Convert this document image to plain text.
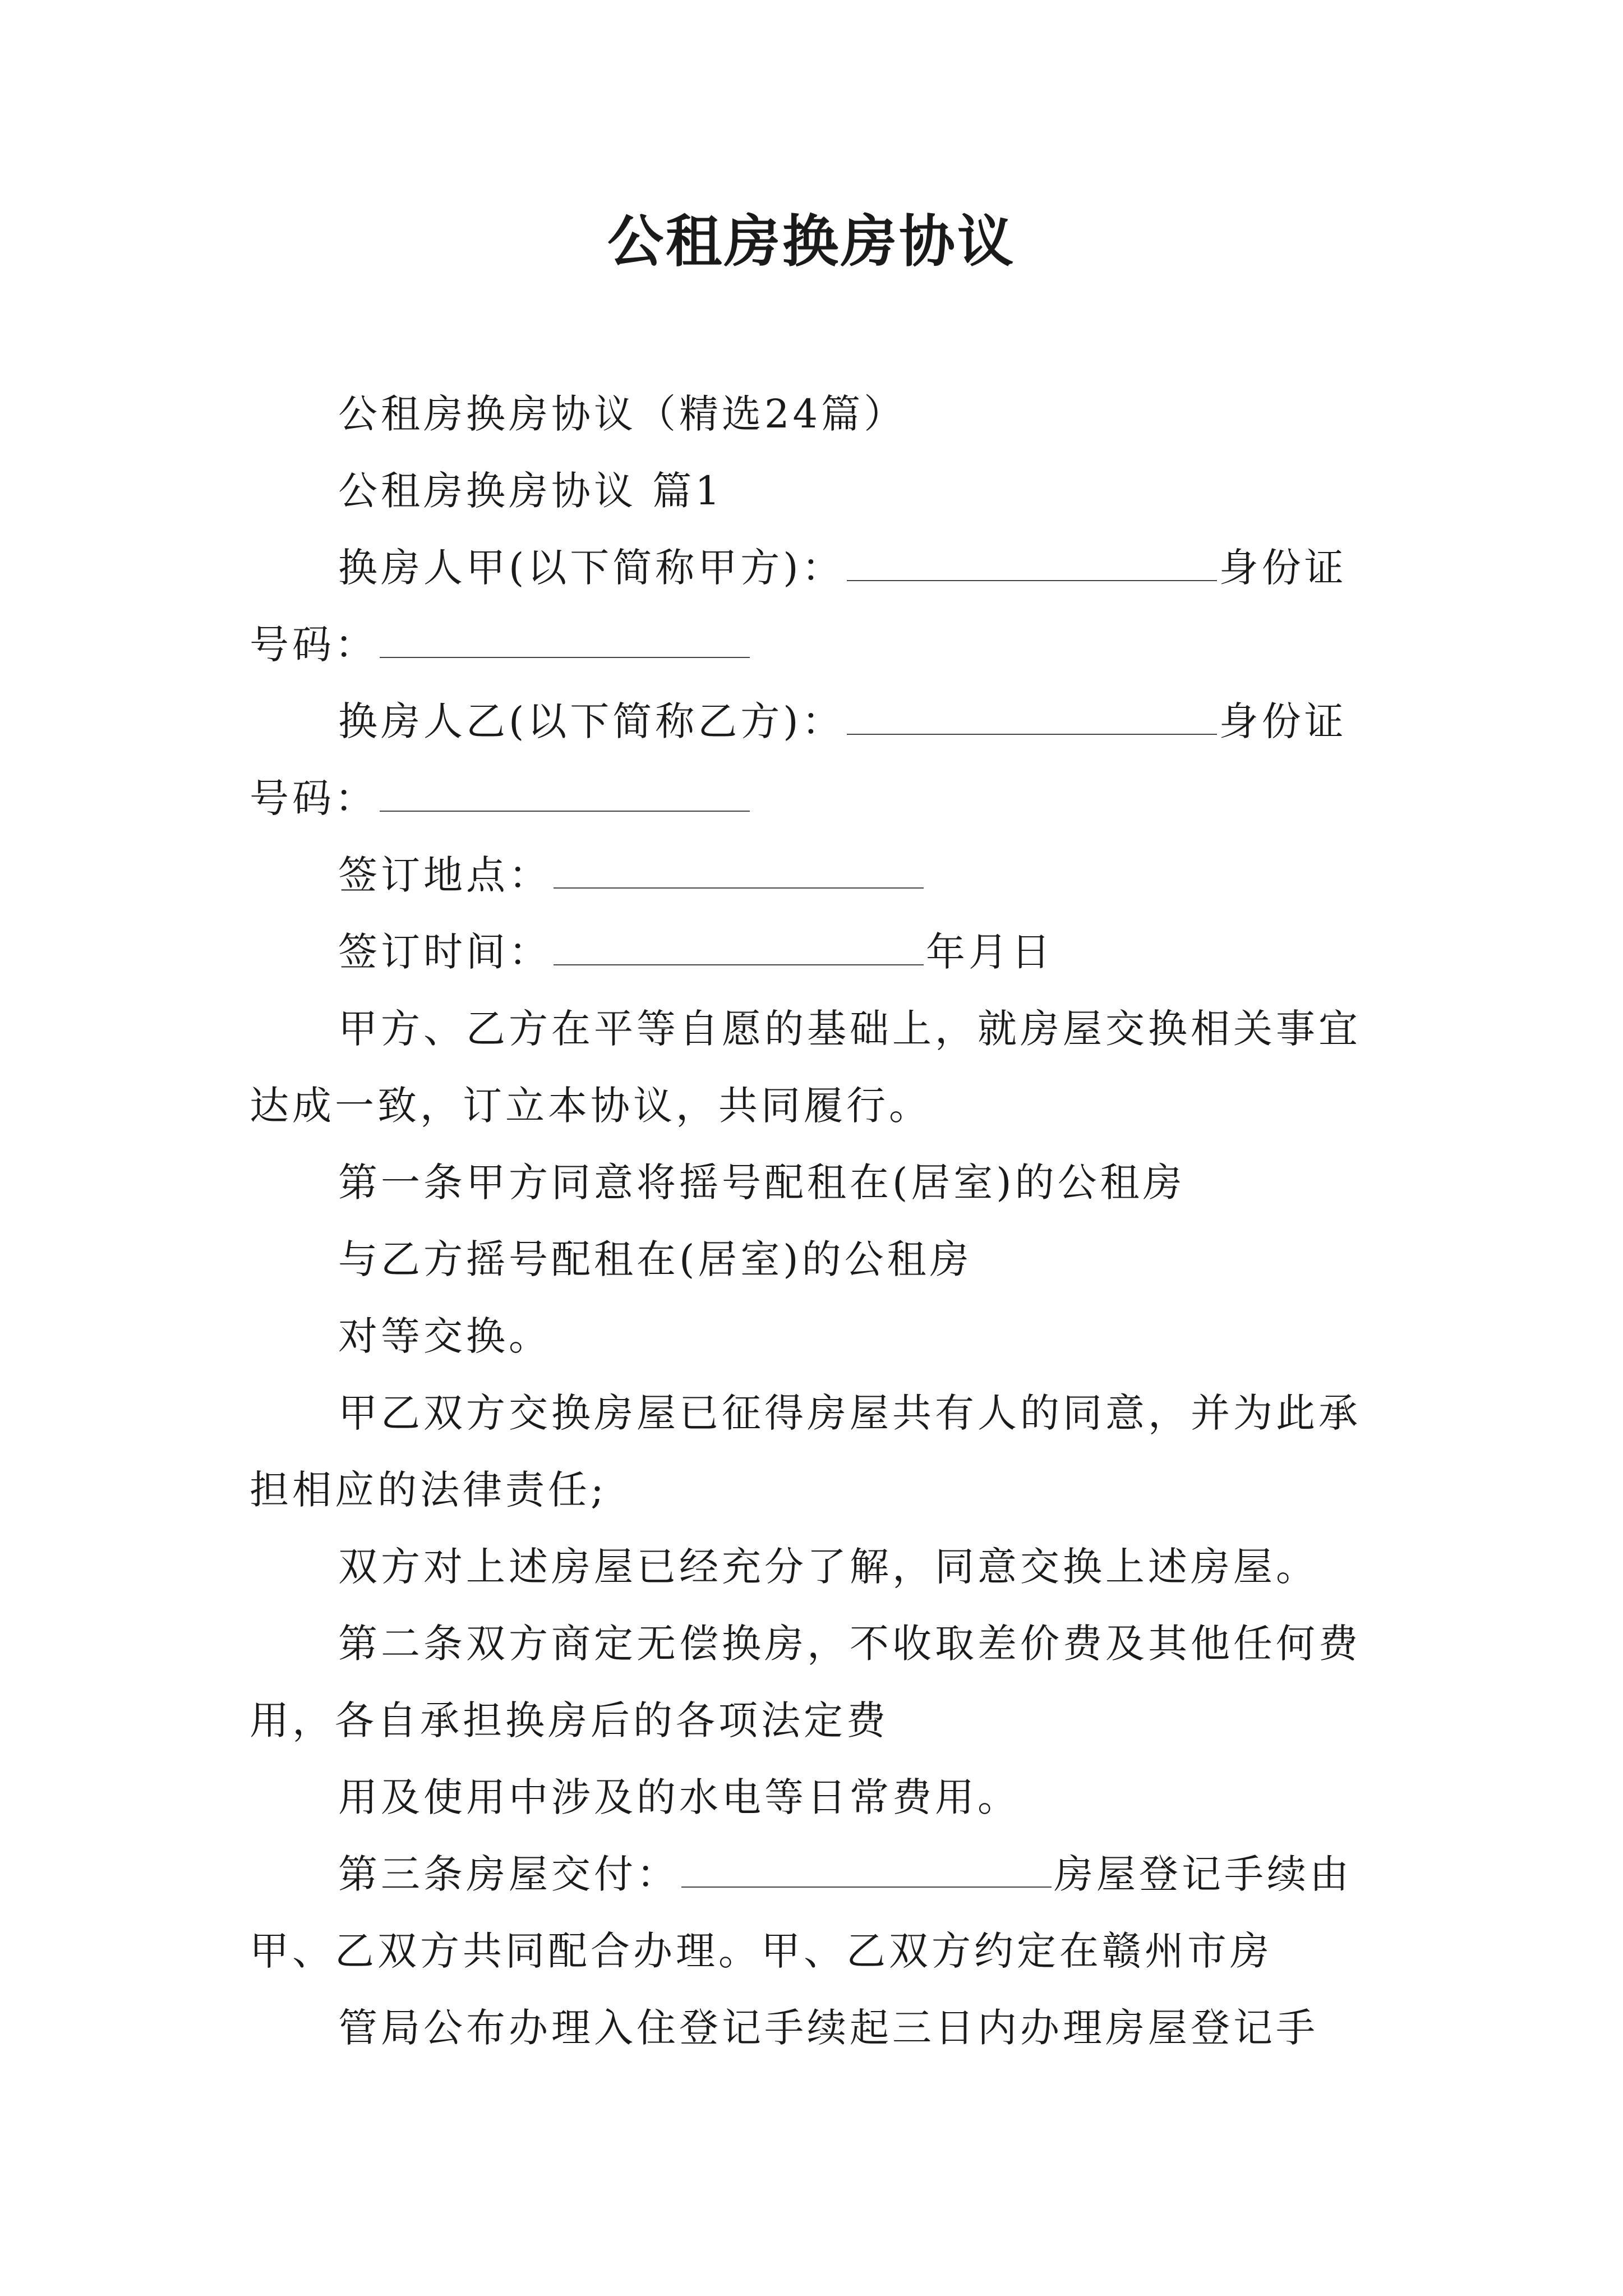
公租房换房协议

公租房换房协议（精选24篇）

公租房换房协议 篇1

换房人甲(以下简称甲方)：	身份证号码：

换房人乙(以下简称乙方)：	身份证号码：

签订地点：

签订时间：	年月日

甲方、乙方在平等自愿的基础上，就房屋交换相关事宜达成一致，订立本协议，共同履行。

第一条甲方同意将摇号配租在(居室)的公租房

与乙方摇号配租在(居室)的公租房

对等交换。

甲乙双方交换房屋已征得房屋共有人的同意，并为此承担相应的法律责任;

双方对上述房屋已经充分了解，同意交换上述房屋。

第二条双方商定无偿换房，不收取差价费及其他任何费用，各自承担换房后的各项法定费

用及使用中涉及的水电等日常费用。

第三条房屋交付：	房屋登记手续由甲、乙双方共同配合办理。甲、乙双方约定在赣州市房

管局公布办理入住登记手续起三日内办理房屋登记手
